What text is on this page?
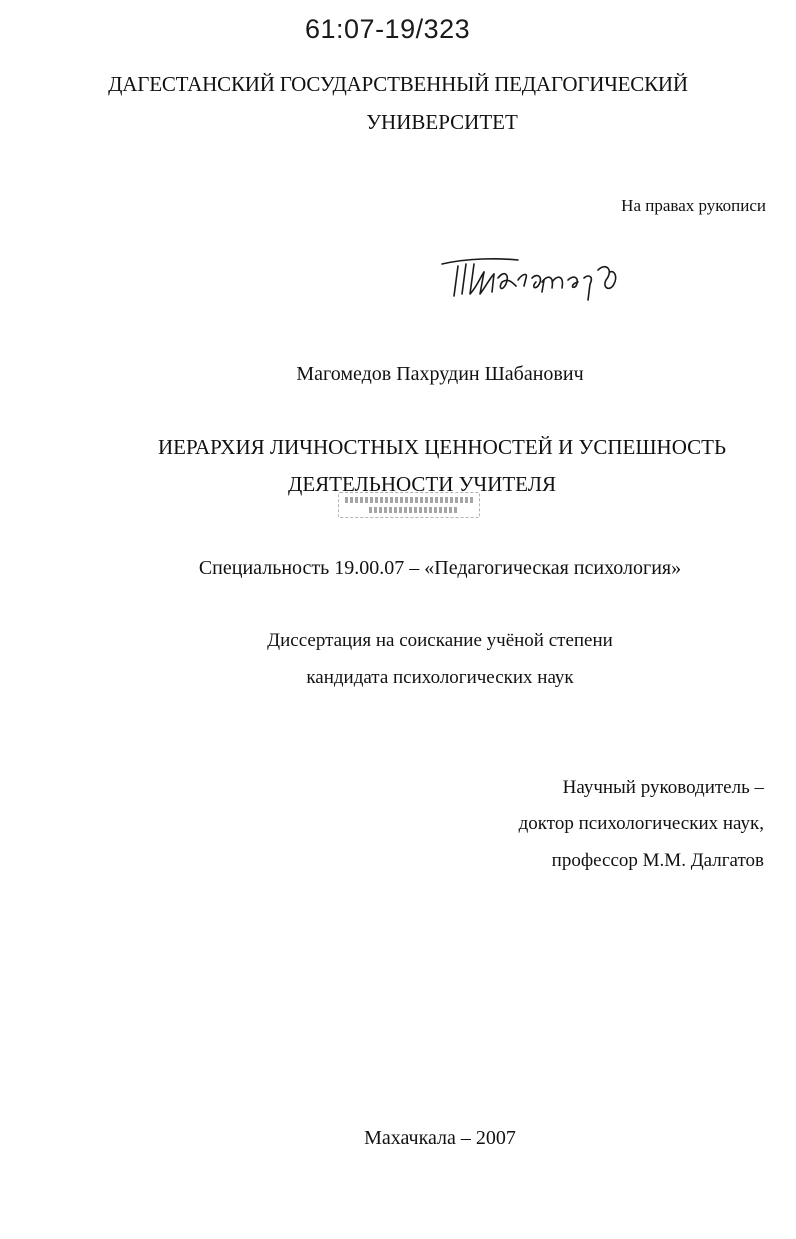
61:07-19/323
ДАГЕСТАНСКИЙ ГОСУДАРСТВЕННЫЙ ПЕДАГОГИЧЕСКИЙ
УНИВЕРСИТЕТ
На правах рукописи
Магомедов Пахрудин Шабанович
ИЕРАРХИЯ ЛИЧНОСТНЫХ ЦЕННОСТЕЙ И УСПЕШНОСТЬ
ДЕЯТЕЛЬНОСТИ УЧИТЕЛЯ
Специальность 19.00.07 – «Педагогическая психология»
Диссертация на соискание учёной степени
кандидата психологических наук
Научный руководитель –
доктор психологических наук,
профессор М.М. Далгатов
Махачкала – 2007
